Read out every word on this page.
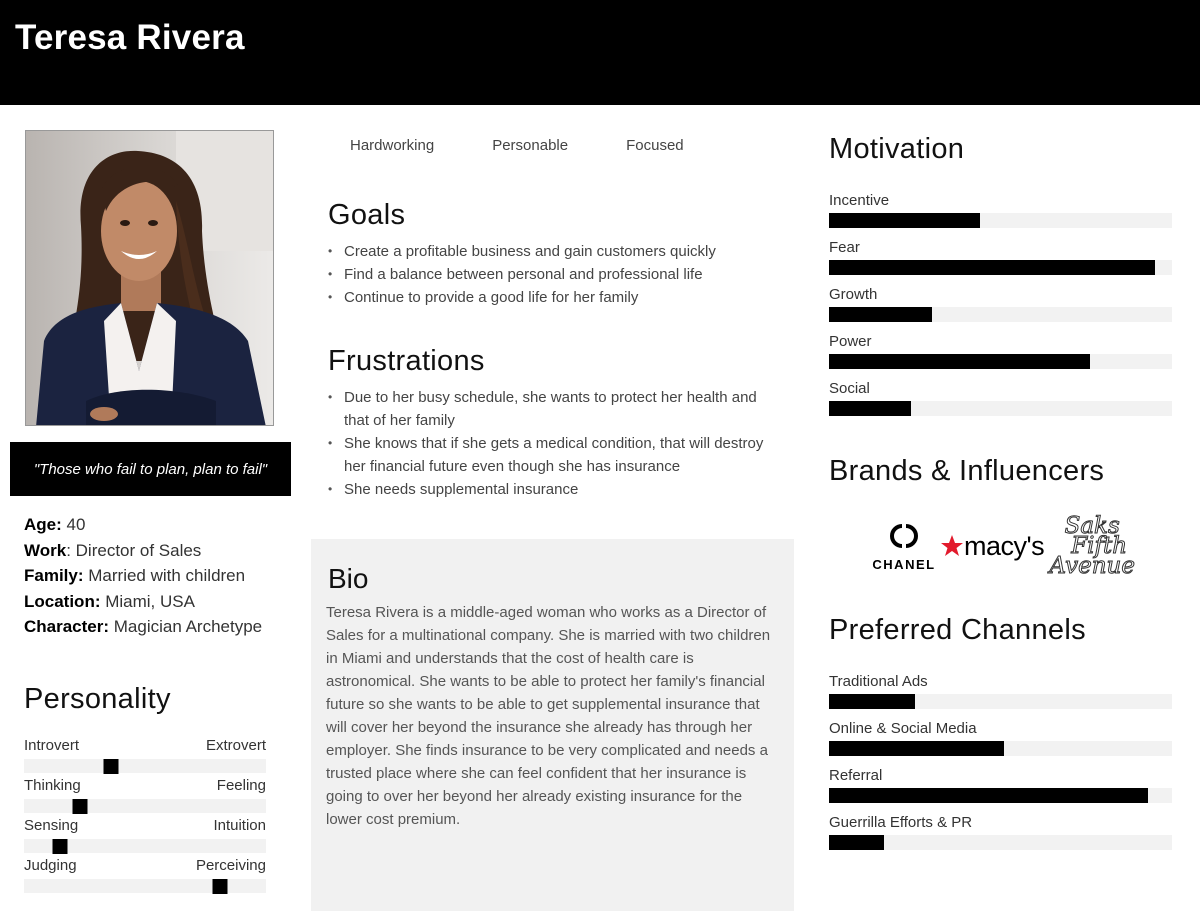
Teresa Rivera
"Those who fail to plan, plan to fail"
Age: 40
Work: Director of Sales
Family: Married with children
Location: Miami, USA
Character: Magician Archetype
Personality
Introvert	Extrovert
Thinking	Feeling
Sensing	Intuition
Judging	Perceiving
Hardworking	Personable	Focused
Goals
• Create a profitable business and gain customers quickly
• Find a balance between personal and professional life
• Continue to provide a good life for her family
Frustrations
• Due to her busy schedule, she wants to protect her health and that of her family
• She knows that if she gets a medical condition, that will destroy her financial future even though she has insurance
• She needs supplemental insurance
Bio

Teresa Rivera is a middle-aged woman who works as a Director of Sales for a multinational company. She is married with two children in Miami and understands that the cost of health care is astronomical. She wants to be able to protect her family's financial future so she wants to be able to get supplemental insurance that will cover her beyond the insurance she already has through her employer. She finds insurance to be very complicated and needs a trusted place where she can feel confident that her insurance is going to over her beyond her already existing insurance for the lower cost premium.

Motivation
Incentive
Fear
Growth
Power
Social
Brands & Influencers
CHANEL
macy's
Saks
Fifth
Avenue
Preferred Channels
Traditional Ads
Online & Social Media
Referral
Guerrilla Efforts & PR
